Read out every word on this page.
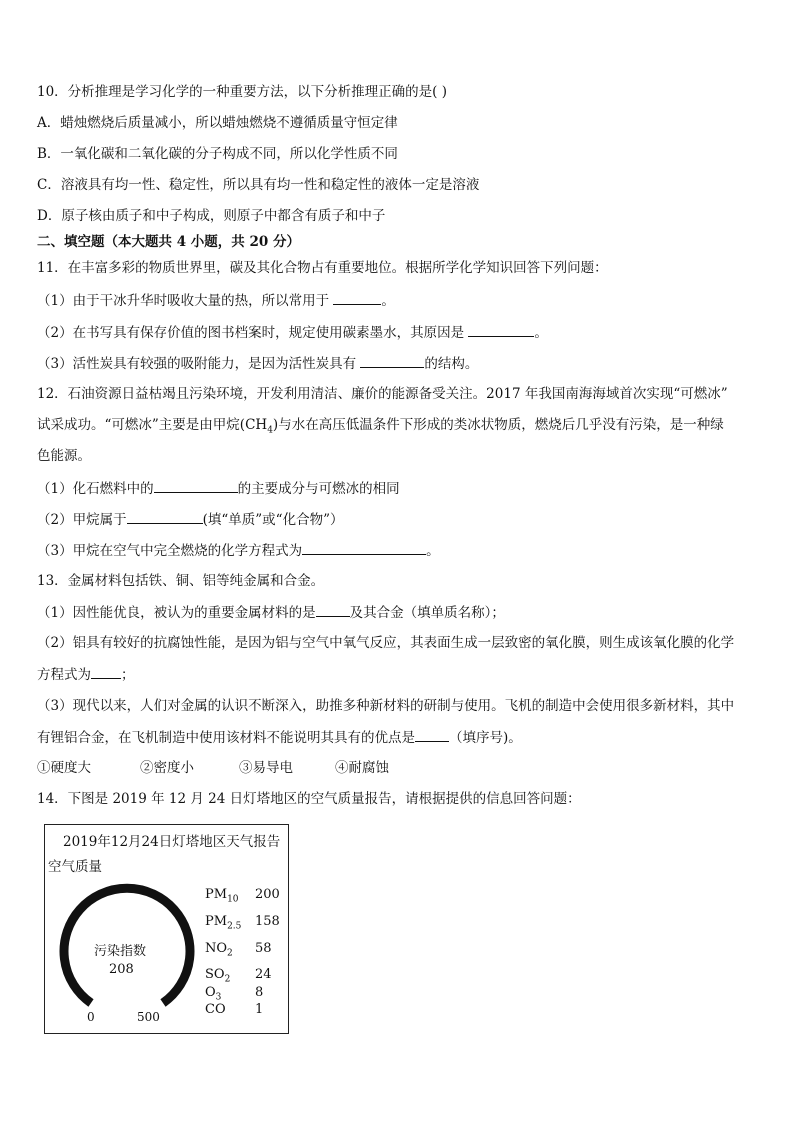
10．分析推理是学习化学的一种重要方法，以下分析推理正确的是( )
A．蜡烛燃烧后质量减小，所以蜡烛燃烧不遵循质量守恒定律
B．一氧化碳和二氧化碳的分子构成不同，所以化学性质不同
C．溶液具有均一性、稳定性，所以具有均一性和稳定性的液体一定是溶液
D．原子核由质子和中子构成，则原子中都含有质子和中子
二、填空题（本大题共 4 小题，共 20 分）
11．在丰富多彩的物质世界里，碳及其化合物占有重要地位。根据所学化学知识回答下列问题：
（1）由于干冰升华时吸收大量的热，所以常用于	。
（2）在书写具有保存价值的图书档案时，规定使用碳素墨水，其原因是	。
（3）活性炭具有较强的吸附能力，是因为活性炭具有	的结构。
12．石油资源日益枯竭且污染环境，开发利用清洁、廉价的能源备受关注。2017 年我国南海海域首次实现“可燃冰”
试采成功。“可燃冰”主要是由甲烷$(CH_4)$与水在高压低温条件下形成的类冰状物质，燃烧后几乎没有污染，是一种绿
色能源。
（1）化石燃料中的	的主要成分与可燃冰的相同
（2）甲烷属于	(填“单质”或“化合物”）
（3）甲烷在空气中完全燃烧的化学方程式为	。
13．金属材料包括铁、铜、铝等纯金属和合金。
（1）因性能优良，被认为的重要金属材料的是	及其合金（填单质名称）；
（2）铝具有较好的抗腐蚀性能，是因为铝与空气中氧气反应，其表面生成一层致密的氧化膜，则生成该氧化膜的化学
方程式为 ；
（3）现代以来，人们对金属的认识不断深入，助推多种新材料的研制与使用。飞机的制造中会使用很多新材料，其中
有锂铝合金，在飞机制造中使用该材料不能说明其具有的优点是	（填序号)。
①硬度大	②密度小	③易导电	④耐腐蚀
14．下图是 2019 年 12 月 24 日灯塔地区的空气质量报告，请根据提供的信息回答问题：
2019年12月24日灯塔地区天气报告
空气质量
污染指数
208
0	500
$PM_{10}$ 200
$PM_{2.5}$ 158
$NO_2$ 58
$SO_2$ 24
$O_3$	8
CO 1
